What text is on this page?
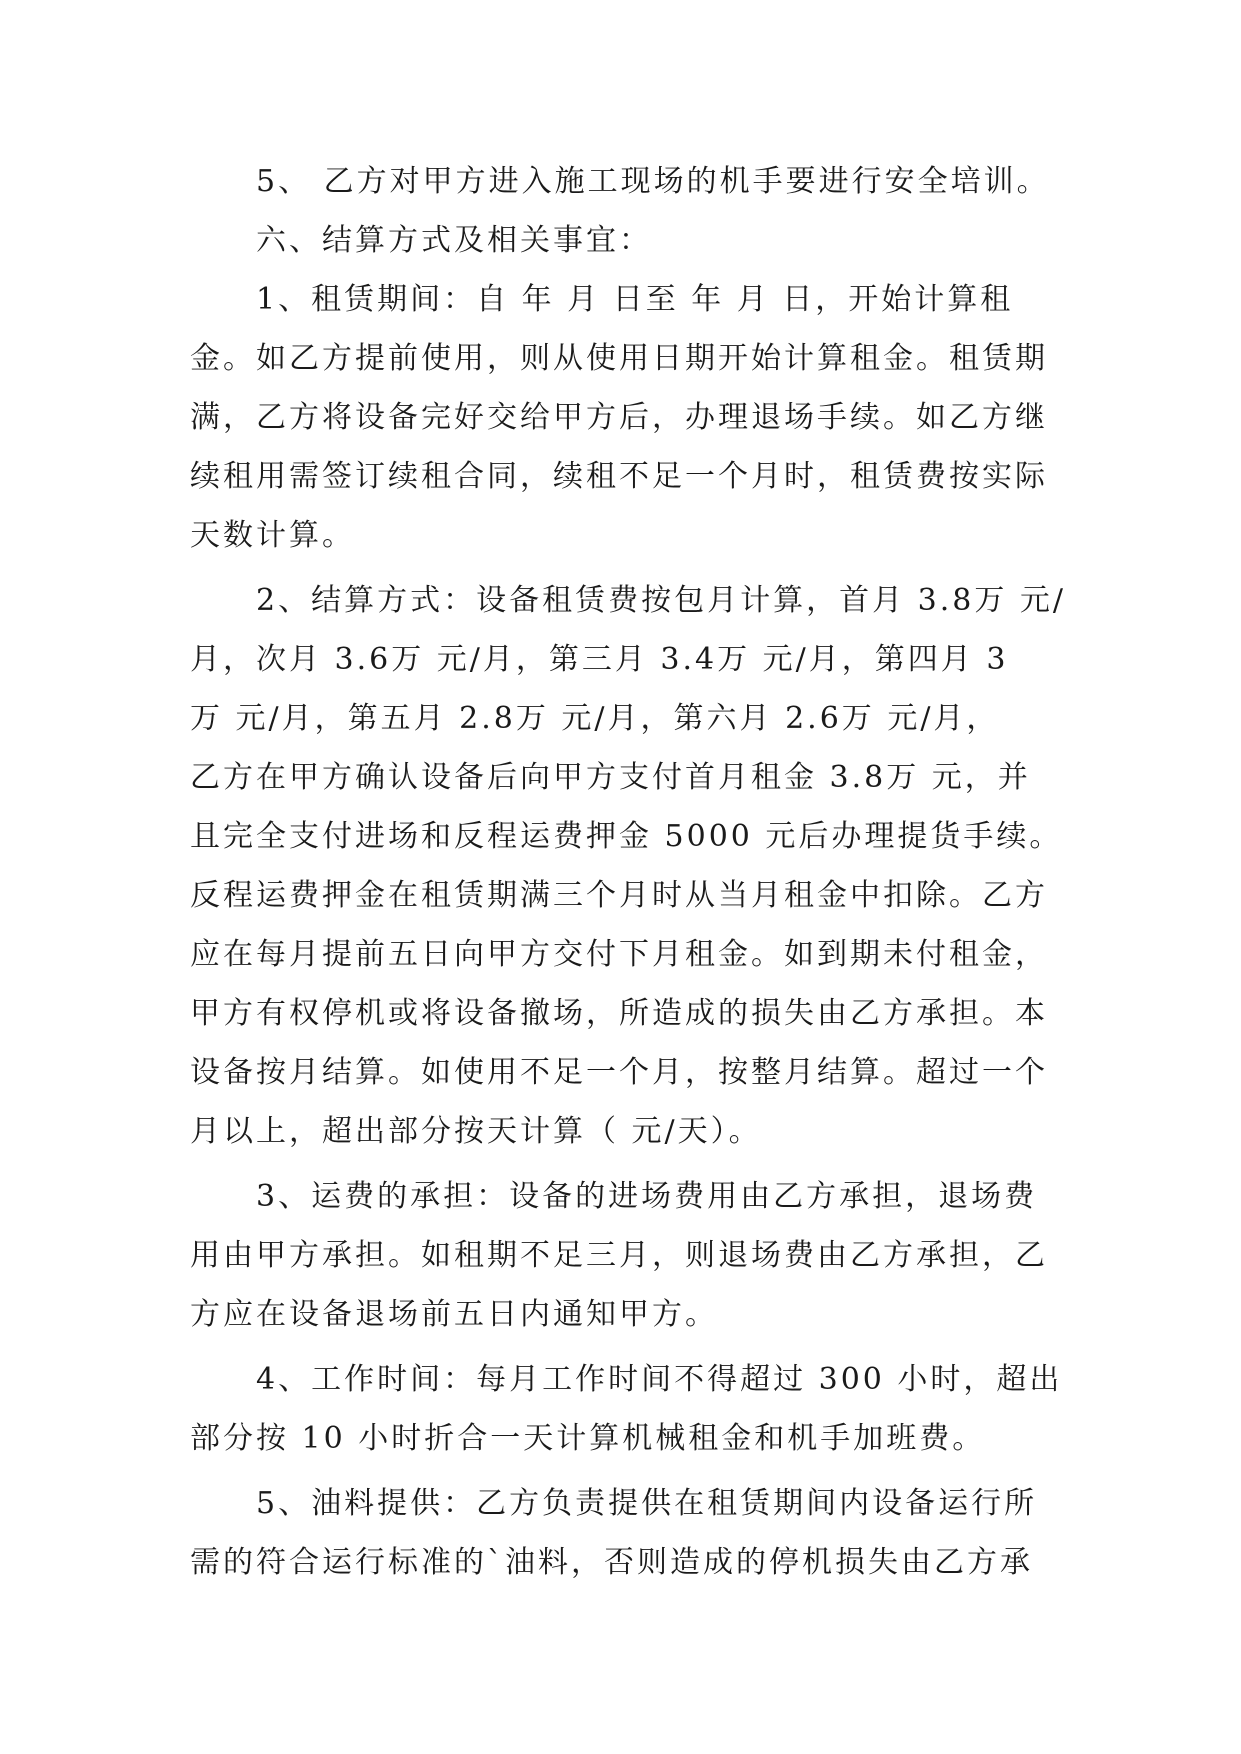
5、 乙方对甲方进入施工现场的机手要进行安全培训。
六、结算方式及相关事宜：
1、租赁期间：自 年 月 日至 年 月 日，开始计算租
金。如乙方提前使用，则从使用日期开始计算租金。租赁期
满，乙方将设备完好交给甲方后，办理退场手续。如乙方继
续租用需签订续租合同，续租不足一个月时，租赁费按实际
天数计算。
2、结算方式：设备租赁费按包月计算，首月 3.8万 元/
月，次月 3.6万 元/月，第三月 3.4万 元/月，第四月 3
万 元/月，第五月 2.8万 元/月，第六月 2.6万 元/月，
乙方在甲方确认设备后向甲方支付首月租金 3.8万 元，并
且完全支付进场和反程运费押金 5000 元后办理提货手续。
反程运费押金在租赁期满三个月时从当月租金中扣除。乙方
应在每月提前五日向甲方交付下月租金。如到期未付租金，
甲方有权停机或将设备撤场，所造成的损失由乙方承担。本
设备按月结算。如使用不足一个月，按整月结算。超过一个
月以上，超出部分按天计算（ 元/天）。
3、运费的承担：设备的进场费用由乙方承担，退场费
用由甲方承担。如租期不足三月，则退场费由乙方承担，乙
方应在设备退场前五日内通知甲方。
4、工作时间：每月工作时间不得超过 300 小时，超出
部分按 10 小时折合一天计算机械租金和机手加班费。
5、油料提供：乙方负责提供在租赁期间内设备运行所
需的符合运行标准的`油料，否则造成的停机损失由乙方承
